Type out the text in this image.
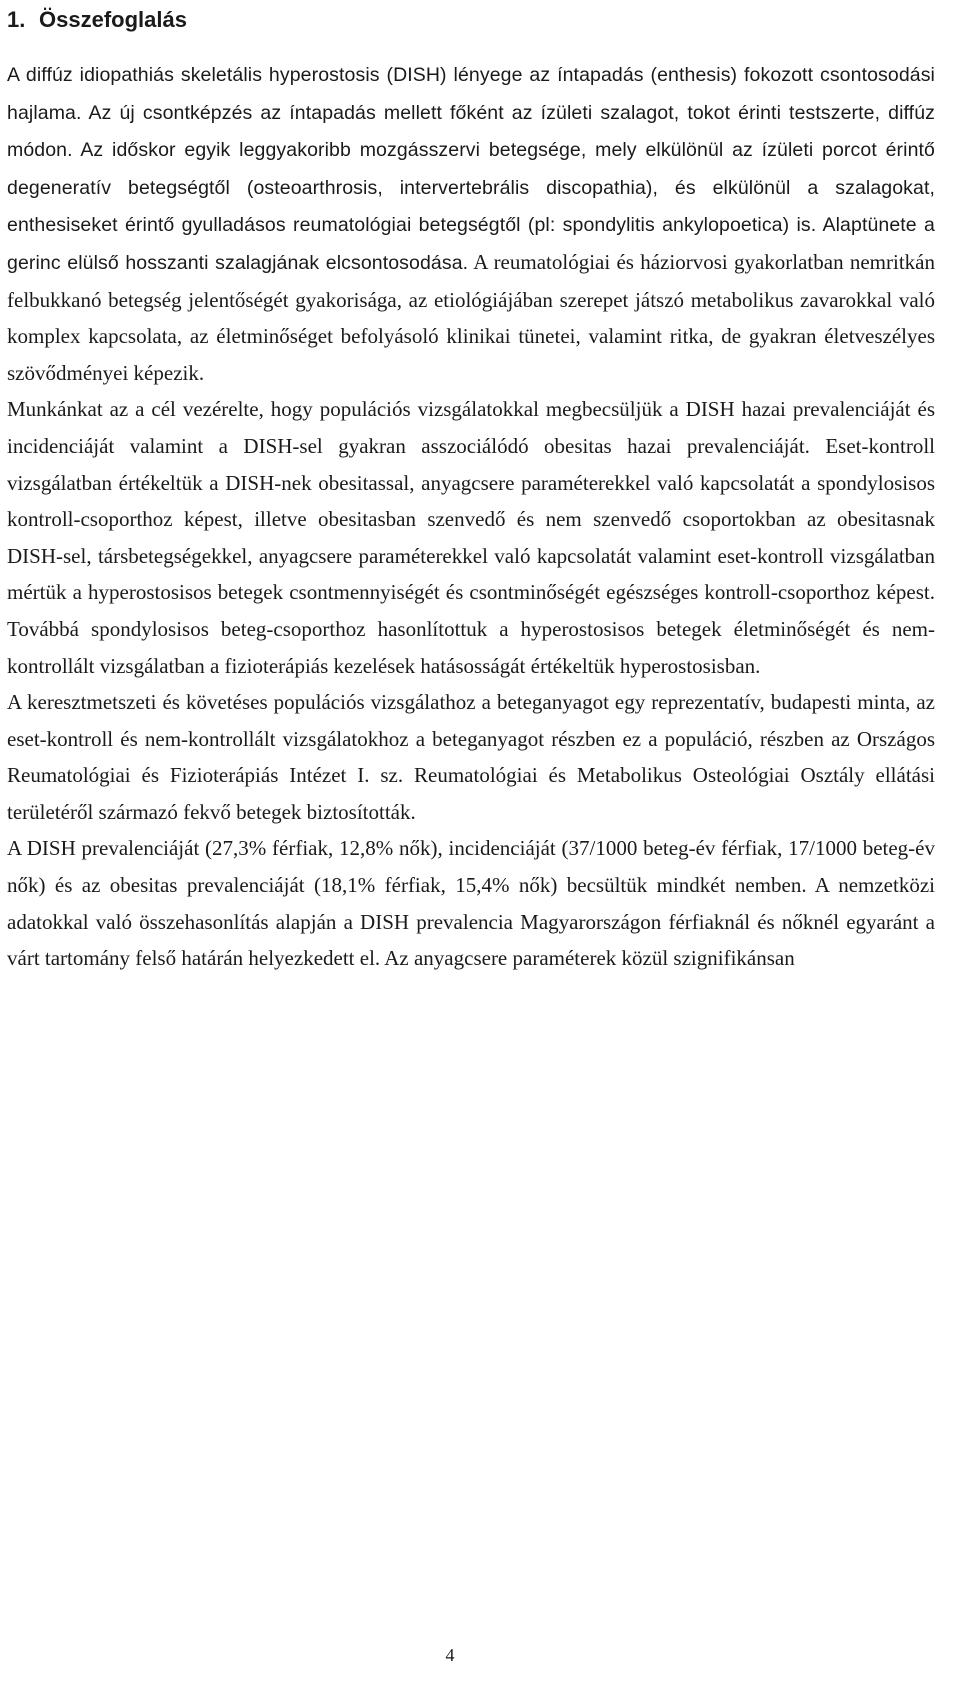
1. Összefoglalás

A diffúz idiopathiás skeletális hyperostosis (DISH) lényege az íntapadás (enthesis) fokozott csontosodási hajlama. Az új csontképzés az íntapadás mellett főként az ízületi szalagot, tokot érinti testszerte, diffúz módon. Az időskor egyik leggyakoribb mozgásszervi betegsége, mely elkülönül az ízületi porcot érintő degeneratív betegségtől (osteoarthrosis, intervertebrális discopathia), és elkülönül a szalagokat, enthesiseket érintő gyulladásos reumatológiai betegségtől (pl: spondylitis ankylopoetica) is. Alaptünete a gerinc elülső hosszanti szalagjának elcsontosodása. A reumatológiai és háziorvosi gyakorlatban nemritkán felbukkanó betegség jelentőségét gyakorisága, az etiológiájában szerepet játszó metabolikus zavarokkal való komplex kapcsolata, az életminőséget befolyásoló klinikai tünetei, valamint ritka, de gyakran életveszélyes szövődményei képezik.

Munkánkat az a cél vezérelte, hogy populációs vizsgálatokkal megbecsüljük a DISH hazai prevalenciáját és incidenciáját valamint a DISH-sel gyakran asszociálódó obesitas hazai prevalenciáját. Eset-kontroll vizsgálatban értékeltük a DISH-nek obesitassal, anyagcsere paraméterekkel való kapcsolatát a spondylosisos kontroll-csoporthoz képest, illetve obesitasban szenvedő és nem szenvedő csoportokban az obesitasnak DISH-sel, társbetegségekkel, anyagcsere paraméterekkel való kapcsolatát valamint eset-kontroll vizsgálatban mértük a hyperostosisos betegek csontmennyiségét és csontminőségét egészséges kontroll-csoporthoz képest. Továbbá spondylosisos beteg-csoporthoz hasonlítottuk a hyperostosisos betegek életminőségét és nem-kontrollált vizsgálatban a fizioterápiás kezelések hatásosságát értékeltük hyperostosisban.

A keresztmetszeti és követéses populációs vizsgálathoz a beteganyagot egy reprezentatív, budapesti minta, az eset-kontroll és nem-kontrollált vizsgálatokhoz a beteganyagot részben ez a populáció, részben az Országos Reumatológiai és Fizioterápiás Intézet I. sz. Reumatológiai és Metabolikus Osteológiai Osztály ellátási területéről származó fekvő betegek biztosították.

A DISH prevalenciáját (27,3% férfiak, 12,8% nők), incidenciáját (37/1000 beteg-év férfiak, 17/1000 beteg-év nők) és az obesitas prevalenciáját (18,1% férfiak, 15,4% nők) becsültük mindkét nemben. A nemzetközi adatokkal való összehasonlítás alapján a DISH prevalencia Magyarországon férfiaknál és nőknél egyaránt a várt tartomány felső határán helyezkedett el. Az anyagcsere paraméterek közül szignifikánsan

4
